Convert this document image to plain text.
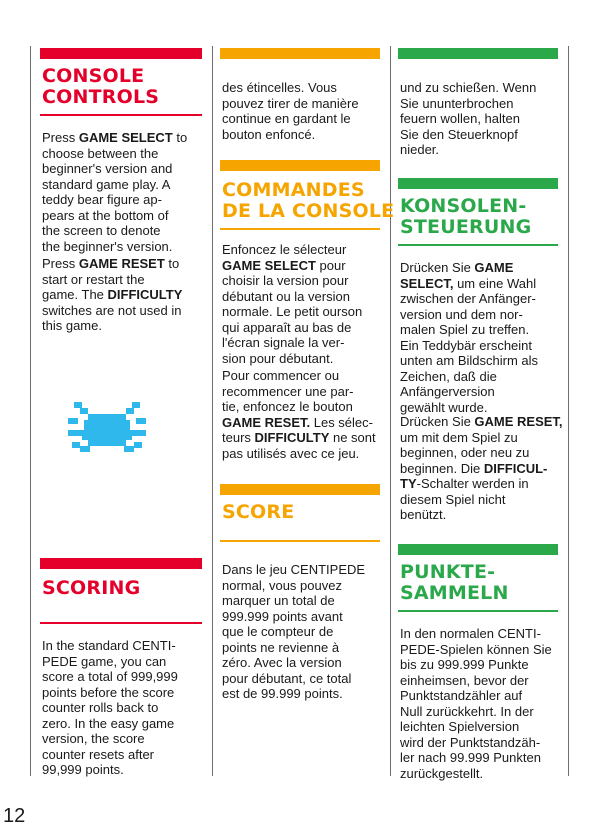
CONSOLE
CONTROLS

Press GAME SELECT to
choose between the
beginner's version and
standard game play. A
teddy bear figure ap-
pears at the bottom of
the screen to denote
the beginner's version.

Press GAME RESET to
start or restart the
game. The DIFFICULTY
switches are not used in
this game.

SCORING

In the standard CENTI-
PEDE game, you can
score a total of 999,999
points before the score
counter rolls back to
zero. In the easy game
version, the score
counter resets after
99,999 points.

des étincelles. Vous
pouvez tirer de manière
continue en gardant le
bouton enfoncé.

COMMANDES
DE LA CONSOLE

Enfoncez le sélecteur
GAME SELECT pour
choisir la version pour
débutant ou la version
normale. Le petit ourson
qui apparaît au bas de
l'écran signale la ver-
sion pour débutant.

Pour commencer ou
recommencer une par-
tie, enfoncez le bouton
GAME RESET. Les sélec-
teurs DIFFICULTY ne sont
pas utilisés avec ce jeu.

SCORE

Dans le jeu CENTIPEDE
normal, vous pouvez
marquer un total de
999.999 points avant
que le compteur de
points ne revienne à
zéro. Avec la version
pour débutant, ce total
est de 99.999 points.

und zu schießen. Wenn
Sie ununterbrochen
feuern wollen, halten
Sie den Steuerknopf
nieder.

KONSOLEN-
STEUERUNG

Drücken Sie GAME
SELECT, um eine Wahl
zwischen der Anfänger-
version und dem nor-
malen Spiel zu treffen.
Ein Teddybär erscheint
unten am Bildschirm als
Zeichen, daß die
Anfängerversion
gewählt wurde.

Drücken Sie GAME RESET,
um mit dem Spiel zu
beginnen, oder neu zu
beginnen. Die DIFFICUL-
TY-Schalter werden in
diesem Spiel nicht
benützt.

PUNKTE-
SAMMELN

In den normalen CENTI-
PEDE-Spielen können Sie
bis zu 999.999 Punkte
einheimsen, bevor der
Punktstandzähler auf
Null zurückkehrt. In der
leichten Spielversion
wird der Punktstandzäh-
ler nach 99.999 Punkten
zurückgestellt.

12
